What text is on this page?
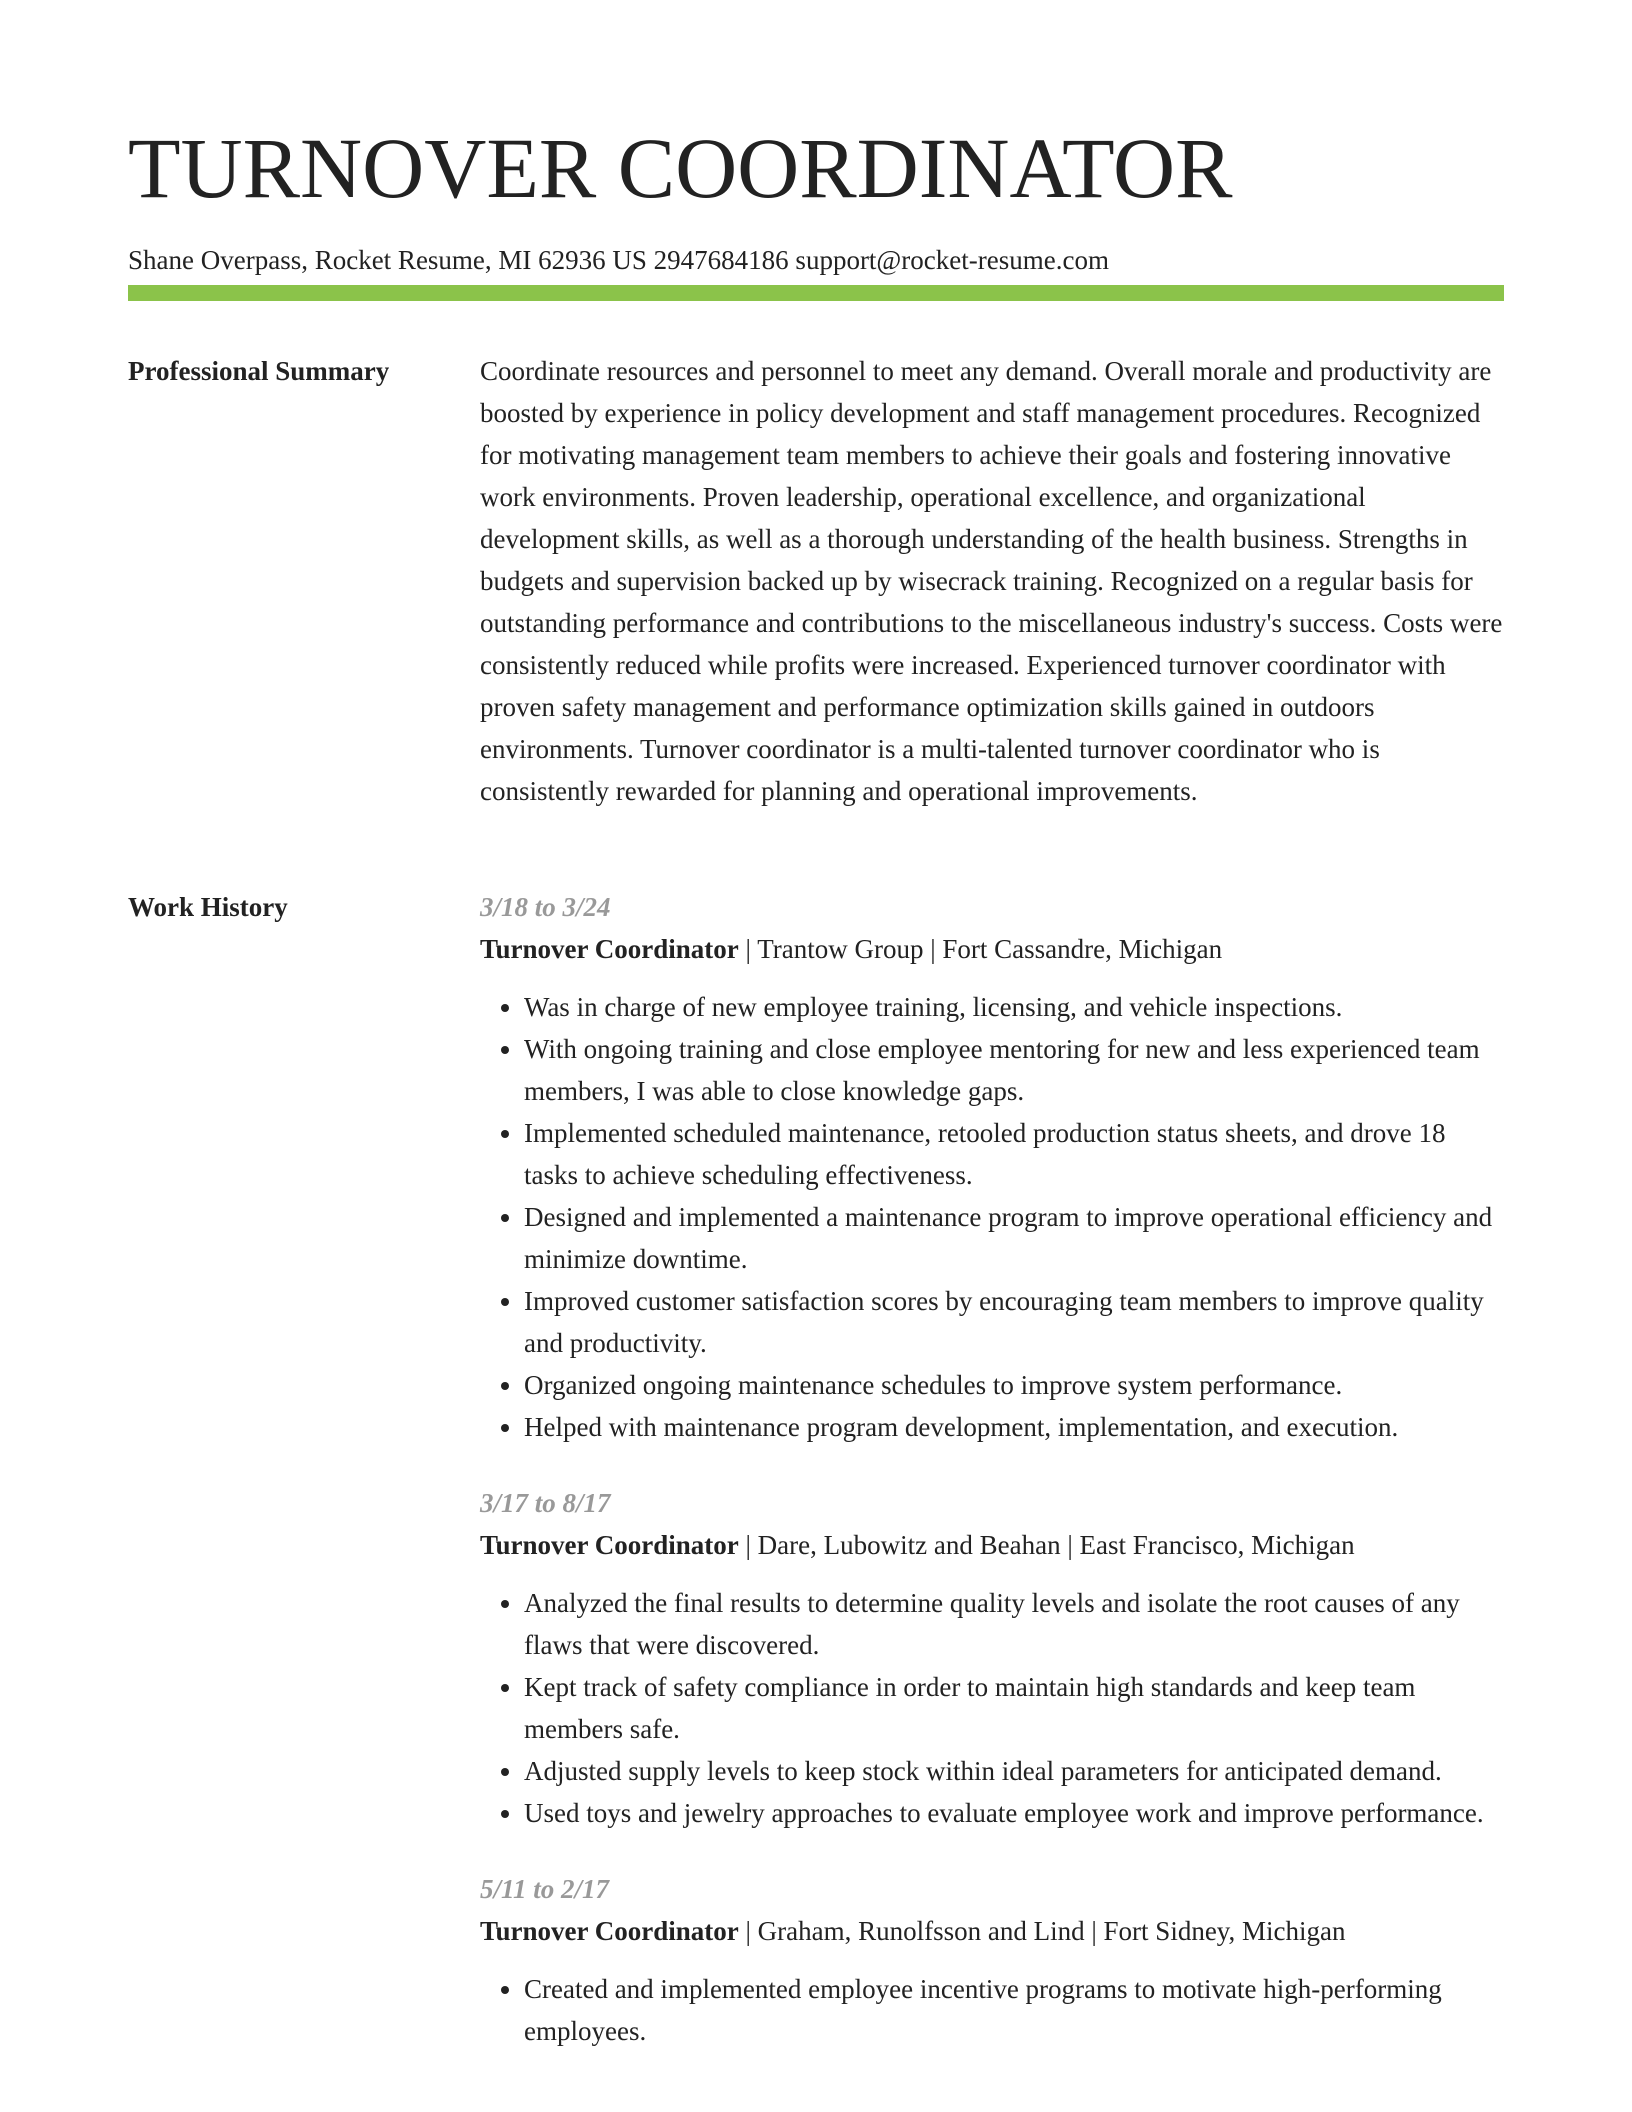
TURNOVER COORDINATOR
Shane Overpass, Rocket Resume, MI 62936 US 2947684186 support@rocket-resume.com
Professional Summary	Coordinate resources and personnel to meet any demand. Overall morale and productivity are boosted by experience in policy development and staff management procedures. Recognized for motivating management team members to achieve their goals and fostering innovative work environments. Proven leadership, operational excellence, and organizational development skills, as well as a thorough understanding of the health business. Strengths in budgets and supervision backed up by wisecrack training. Recognized on a regular basis for outstanding performance and contributions to the miscellaneous industry's success. Costs were consistently reduced while profits were increased. Experienced turnover coordinator with proven safety management and performance optimization skills gained in outdoors environments. Turnover coordinator is a multi-talented turnover coordinator who is consistently rewarded for planning and operational improvements.

Work History	3/18 to 3/24
Turnover Coordinator | Trantow Group | Fort Cassandre, Michigan
• Was in charge of new employee training, licensing, and vehicle inspections.
• With ongoing training and close employee mentoring for new and less experienced team members, I was able to close knowledge gaps.
• Implemented scheduled maintenance, retooled production status sheets, and drove 18 tasks to achieve scheduling effectiveness.
• Designed and implemented a maintenance program to improve operational efficiency and minimize downtime.
• Improved customer satisfaction scores by encouraging team members to improve quality and productivity.
• Organized ongoing maintenance schedules to improve system performance.
• Helped with maintenance program development, implementation, and execution.
3/17 to 8/17
Turnover Coordinator | Dare, Lubowitz and Beahan | East Francisco, Michigan
• Analyzed the final results to determine quality levels and isolate the root causes of any flaws that were discovered.
• Kept track of safety compliance in order to maintain high standards and keep team members safe.
• Adjusted supply levels to keep stock within ideal parameters for anticipated demand.
• Used toys and jewelry approaches to evaluate employee work and improve performance.
5/11 to 2/17
Turnover Coordinator | Graham, Runolfsson and Lind | Fort Sidney, Michigan
• Created and implemented employee incentive programs to motivate high-performing employees.
